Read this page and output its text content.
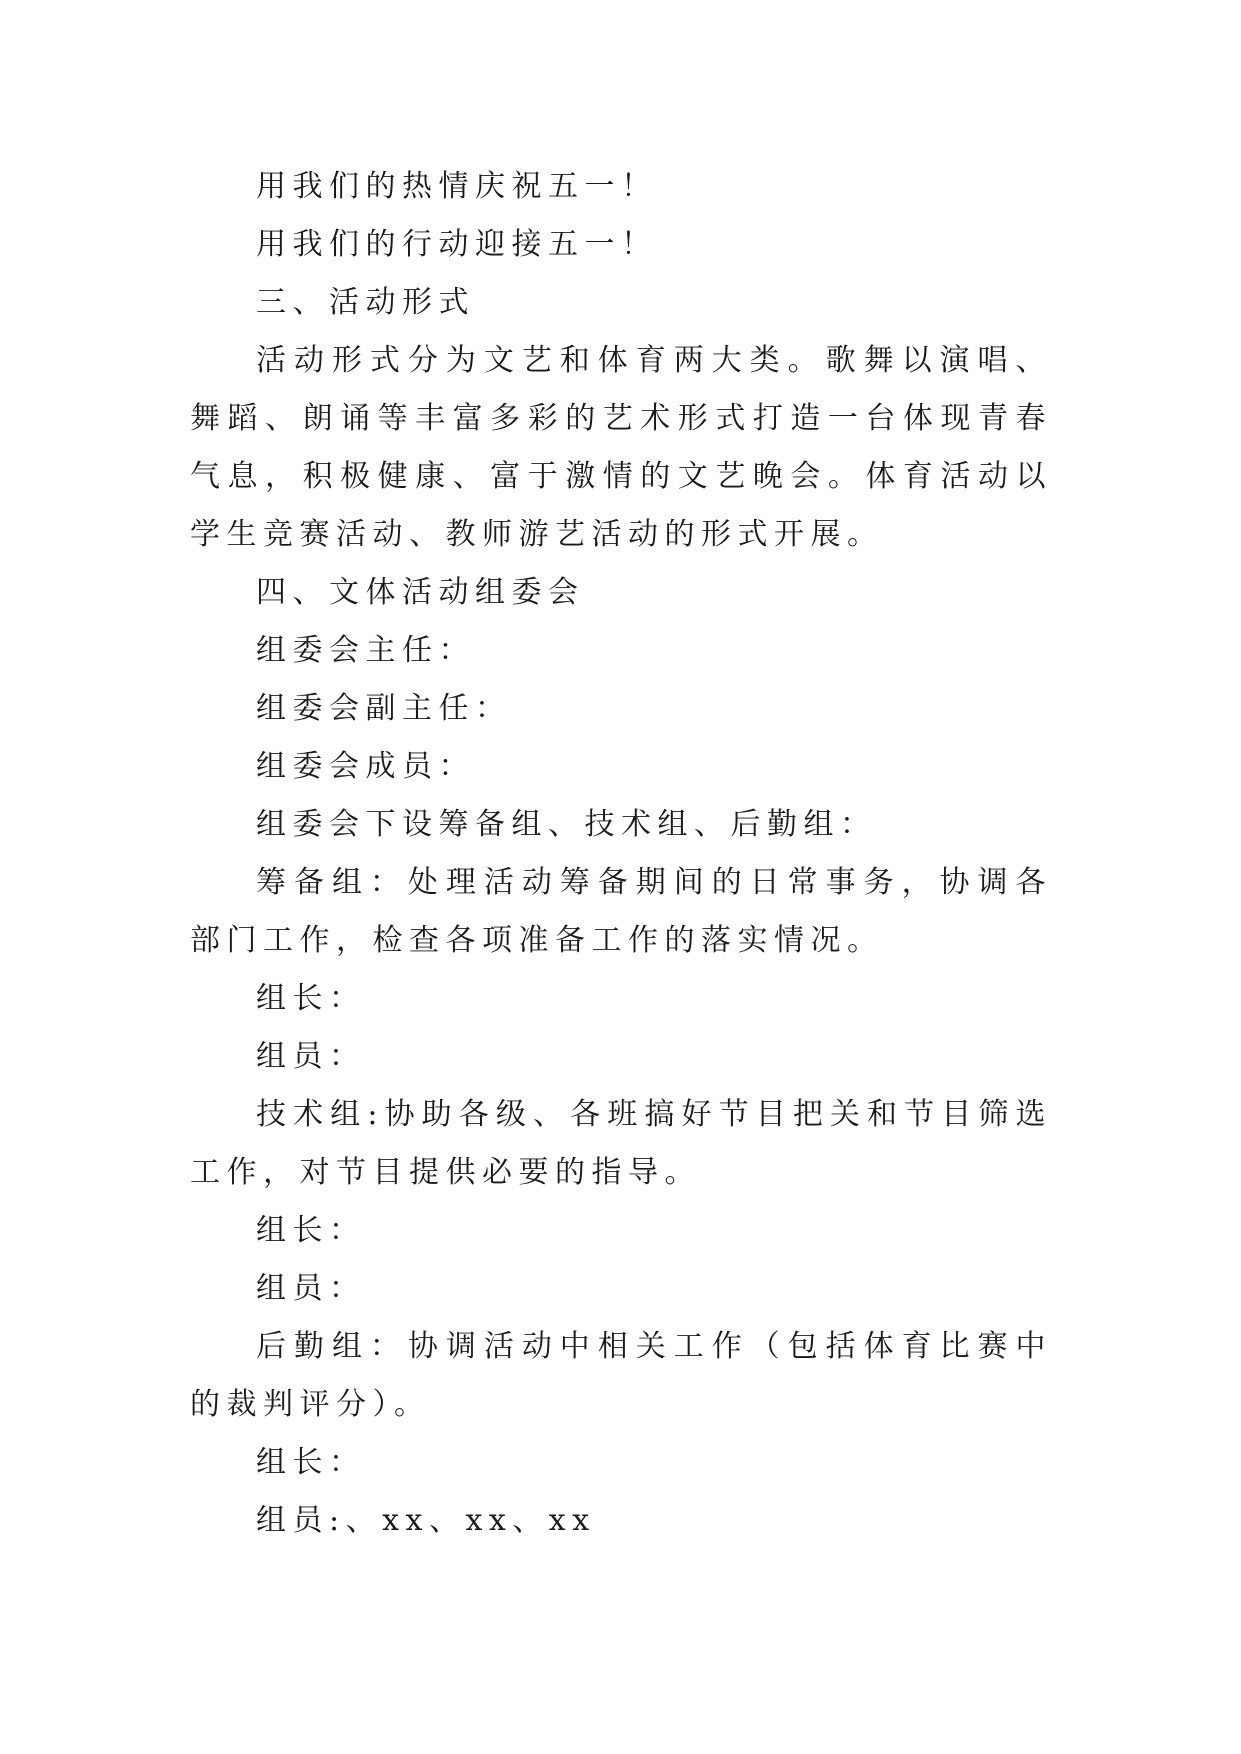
用我们的热情庆祝五一！

用我们的行动迎接五一！

三、活动形式

活动形式分为文艺和体育两大类。歌舞以演唱、舞蹈、朗诵等丰富多彩的艺术形式打造一台体现青春气息，积极健康、富于激情的文艺晚会。体育活动以学生竞赛活动、教师游艺活动的形式开展。

四、文体活动组委会

组委会主任：

组委会副主任：

组委会成员：

组委会下设筹备组、技术组、后勤组：

筹备组：处理活动筹备期间的日常事务，协调各部门工作，检查各项准备工作的落实情况。

组长：

组员：

技术组:协助各级、各班搞好节目把关和节目筛选工作，对节目提供必要的指导。

组长：

组员：

后勤组：协调活动中相关工作（包括体育比赛中的裁判评分）。

组长：

组员:、xx、xx、xx
